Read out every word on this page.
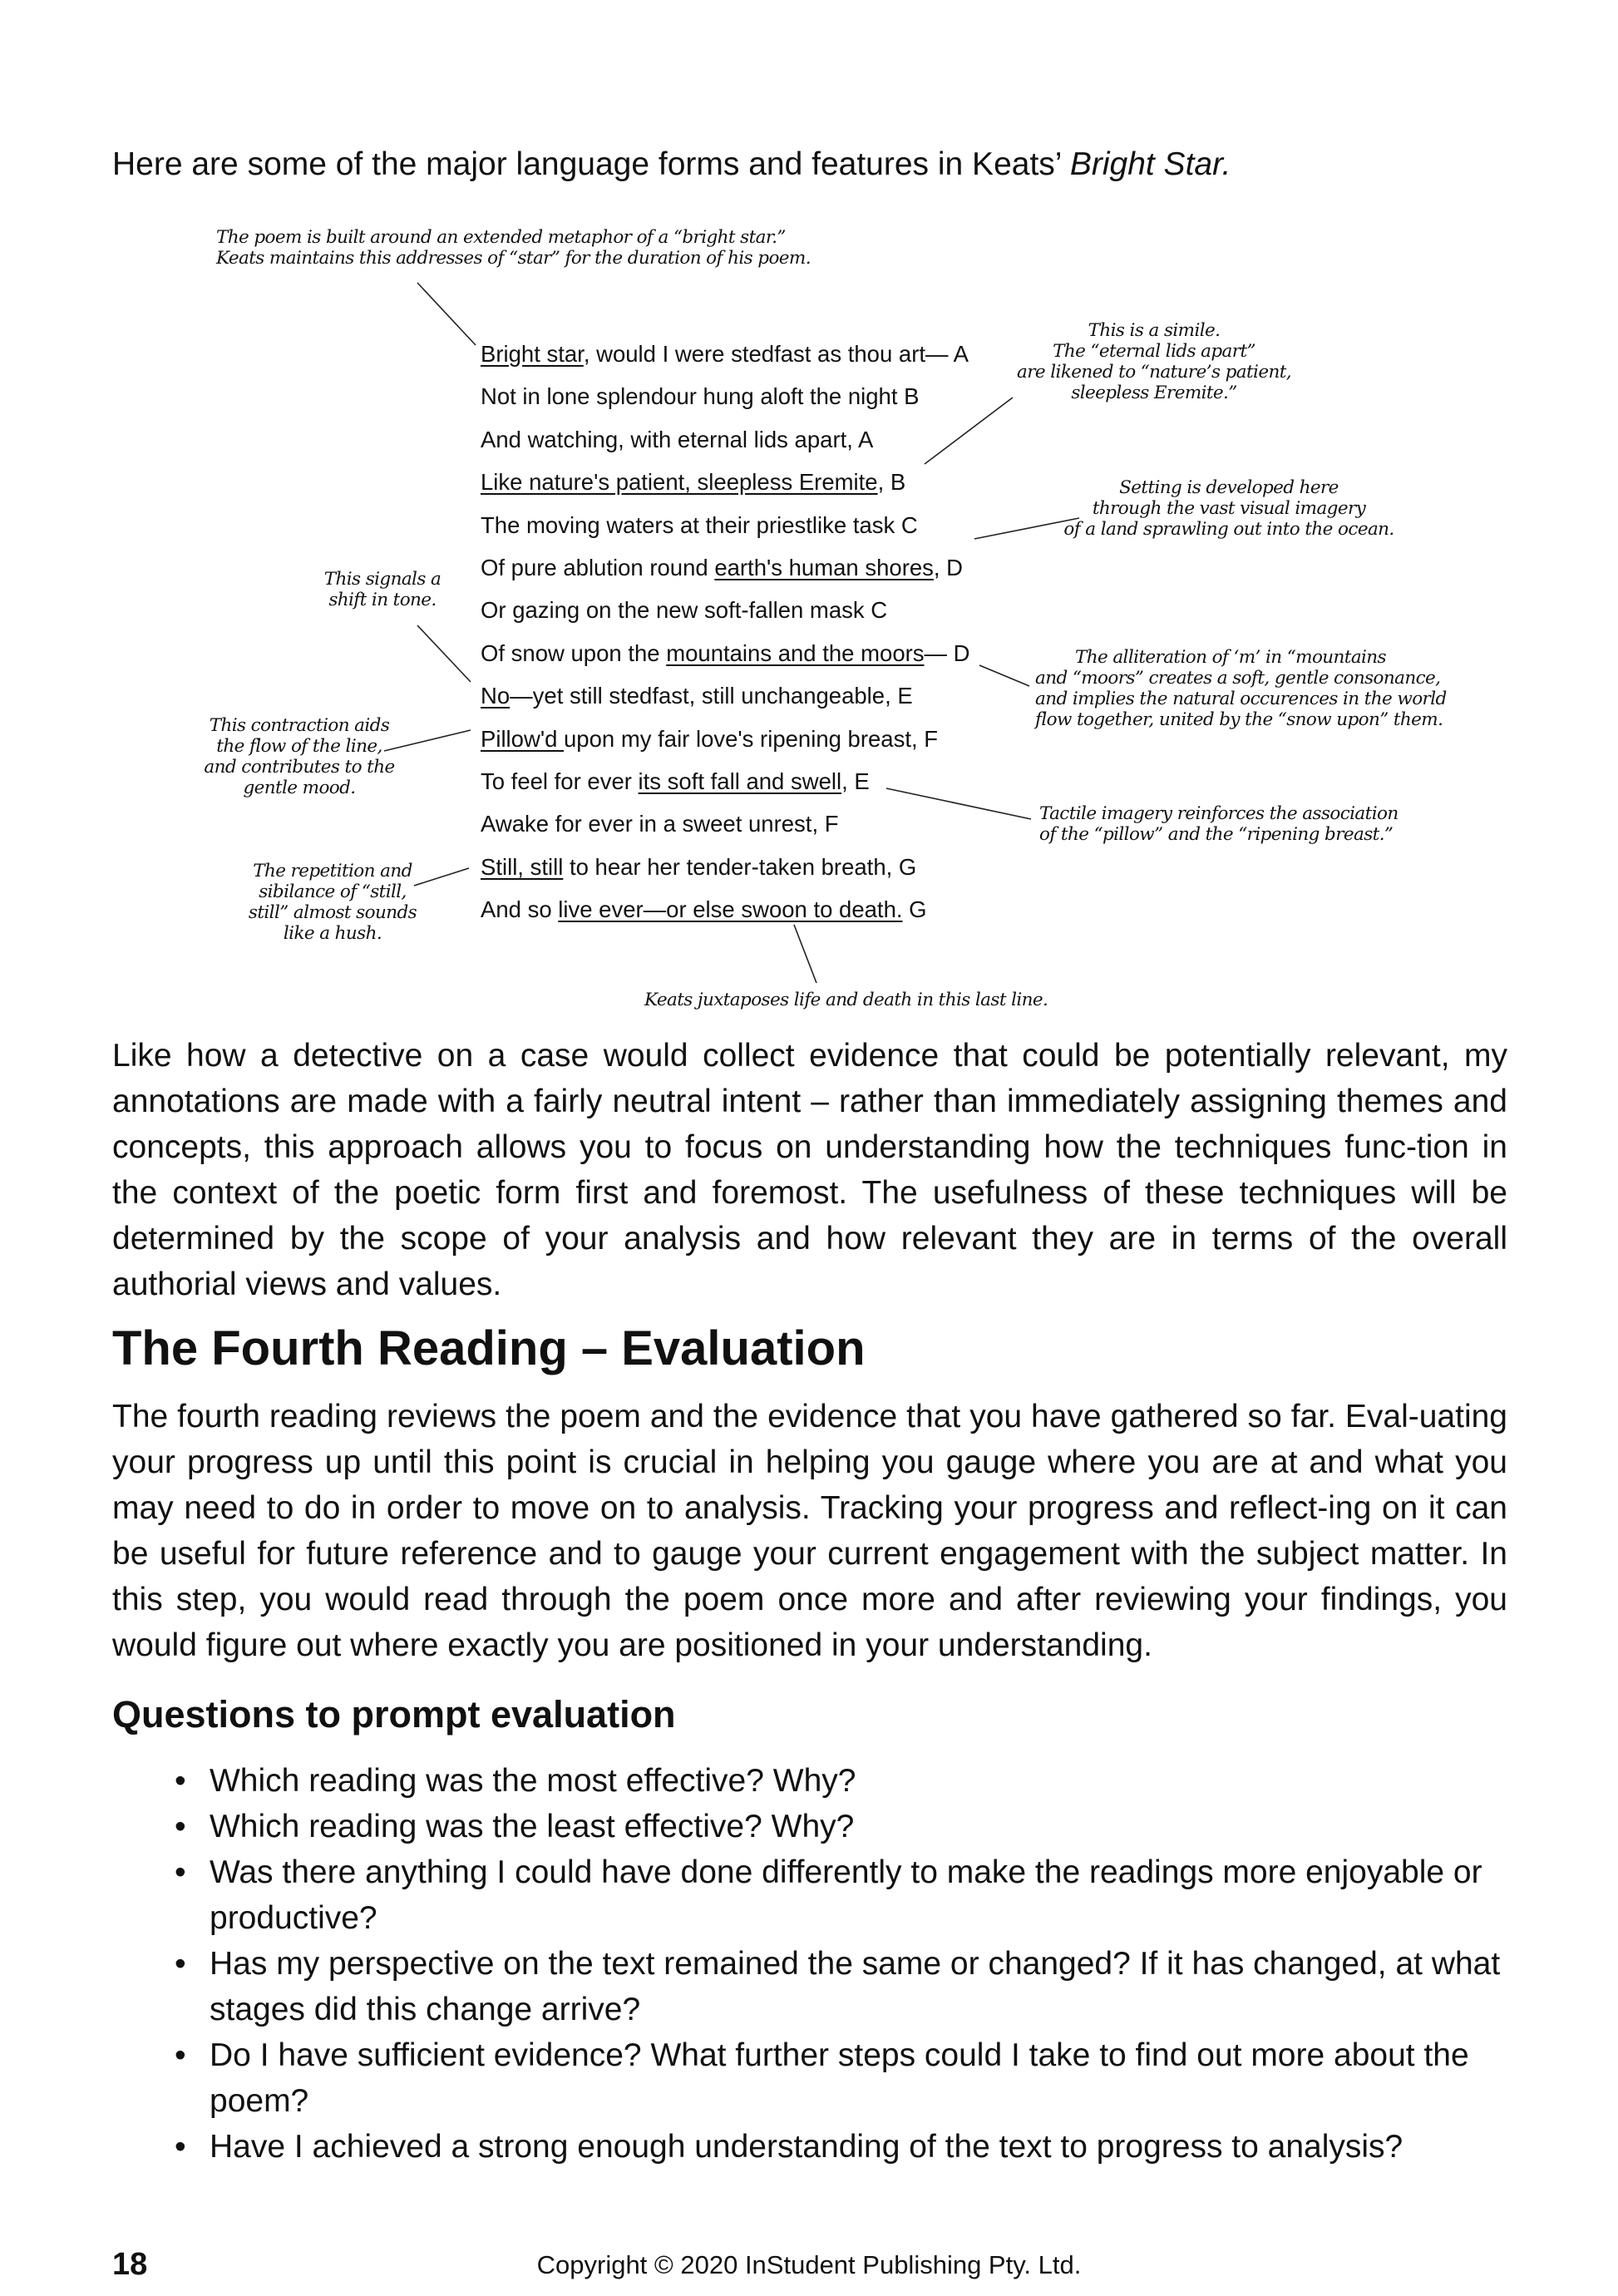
Here are some of the major language forms and features in Keats’ Bright Star.
The poem is built around an extended metaphor of a “bright star.”
Keats maintains this addresses of “star” for the duration of his poem.
This is a simile.
The “eternal lids apart”
are likened to “nature’s patient,
sleepless Eremite.”
Setting is developed here
through the vast visual imagery
of a land sprawling out into the ocean.
This signals a
shift in tone.
The alliteration of ‘m’ in “mountains
and “moors” creates a soft, gentle consonance,
and implies the natural occurences in the world
flow together, united by the “snow upon” them.
This contraction aids
the flow of the line,
and contributes to the
gentle mood.
Tactile imagery reinforces the association
of the “pillow” and the “ripening breast.”
The repetition and
sibilance of “still,
still” almost sounds
like a hush.
Keats juxtaposes life and death in this last line.
Bright star, would I were stedfast as thou art— A
Not in lone splendour hung aloft the night B
And watching, with eternal lids apart, A
Like nature's patient, sleepless Eremite, B
The moving waters at their priestlike task C
Of pure ablution round earth's human shores, D
Or gazing on the new soft-fallen mask C
Of snow upon the mountains and the moors— D
No—yet still stedfast, still unchangeable, E
Pillow'd upon my fair love's ripening breast, F
To feel for ever its soft fall and swell, E
Awake for ever in a sweet unrest, F
Still, still to hear her tender-taken breath, G
And so live ever—or else swoon to death. G

Like how a detective on a case would collect evidence that could be potentially relevant, my annotations are made with a fairly neutral intent – rather than immediately assigning themes and concepts, this approach allows you to focus on understanding how the techniques func-tion in the context of the poetic form first and foremost. The usefulness of these techniques will be determined by the scope of your analysis and how relevant they are in terms of the overall authorial views and values.

The Fourth Reading – Evaluation

The fourth reading reviews the poem and the evidence that you have gathered so far. Eval-uating your progress up until this point is crucial in helping you gauge where you are at and what you may need to do in order to move on to analysis. Tracking your progress and reflect-ing on it can be useful for future reference and to gauge your current engagement with the subject matter. In this step, you would read through the poem once more and after reviewing your findings, you would figure out where exactly you are positioned in your understanding.

Questions to prompt evaluation
• Which reading was the most effective? Why?
• Which reading was the least effective? Why?
• Was there anything I could have done differently to make the readings more enjoyable or productive?
• Has my perspective on the text remained the same or changed? If it has changed, at what stages did this change arrive?
• Do I have sufficient evidence? What further steps could I take to find out more about the poem?
• Have I achieved a strong enough understanding of the text to progress to analysis?
18	Copyright © 2020 InStudent Publishing Pty. Ltd.
